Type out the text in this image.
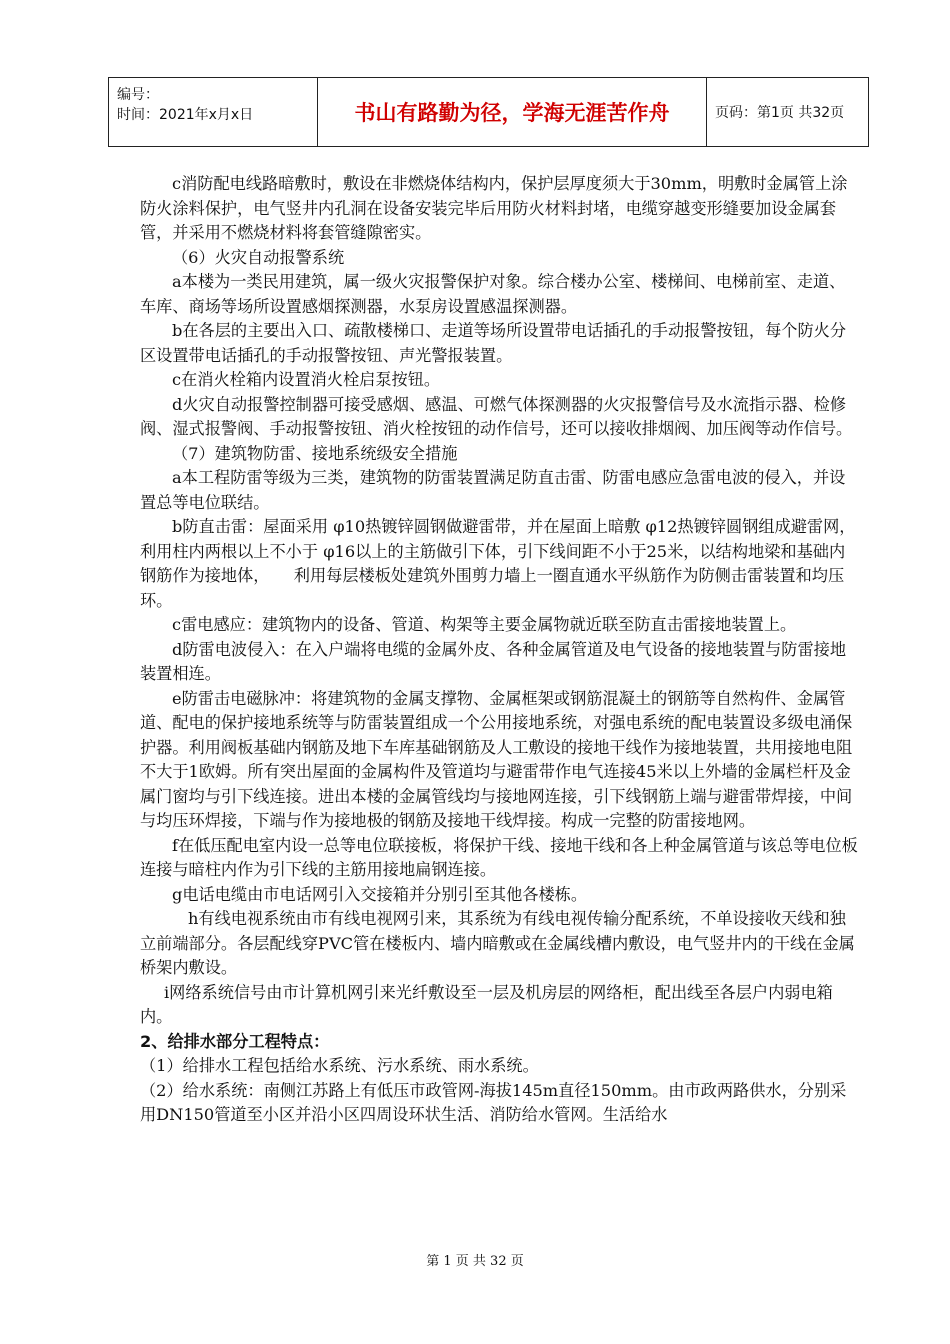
编号：
时间：2021年x月x日	书山有路勤为径，学海无涯苦作舟	页码：第1页 共32页

c消防配电线路暗敷时，敷设在非燃烧体结构内，保护层厚度须大于30mm，明敷时金属管上涂防火涂料保护，电气竖井内孔洞在设备安装完毕后用防火材料封堵，电缆穿越变形缝要加设金属套管，并采用不燃烧材料将套管缝隙密实。

（6）火灾自动报警系统

a本楼为一类民用建筑，属一级火灾报警保护对象。综合楼办公室、楼梯间、电梯前室、走道、车库、商场等场所设置感烟探测器，水泵房设置感温探测器。

b在各层的主要出入口、疏散楼梯口、走道等场所设置带电话插孔的手动报警按钮，每个防火分区设置带电话插孔的手动报警按钮、声光警报装置。

c在消火栓箱内设置消火栓启泵按钮。

d火灾自动报警控制器可接受感烟、感温、可燃气体探测器的火灾报警信号及水流指示器、检修阀、湿式报警阀、手动报警按钮、消火栓按钮的动作信号，还可以接收排烟阀、加压阀等动作信号。

（7）建筑物防雷、接地系统级安全措施

a本工程防雷等级为三类，建筑物的防雷装置满足防直击雷、防雷电感应急雷电波的侵入，并设置总等电位联结。

b防直击雷：屋面采用 φ10热镀锌圆钢做避雷带，并在屋面上暗敷 φ12热镀锌圆钢组成避雷网，利用柱内两根以上不小于 φ16以上的主筋做引下体，引下线间距不小于25米，以结构地梁和基础内钢筋作为接地体，　　利用每层楼板处建筑外围剪力墙上一圈直通水平纵筋作为防侧击雷装置和均压环。

c雷电感应：建筑物内的设备、管道、构架等主要金属物就近联至防直击雷接地装置上。

d防雷电波侵入：在入户端将电缆的金属外皮、各种金属管道及电气设备的接地装置与防雷接地装置相连。

e防雷击电磁脉冲：将建筑物的金属支撑物、金属框架或钢筋混凝土的钢筋等自然构件、金属管道、配电的保护接地系统等与防雷装置组成一个公用接地系统，对强电系统的配电装置设多级电涌保护器。利用阀板基础内钢筋及地下车库基础钢筋及人工敷设的接地干线作为接地装置，共用接地电阻不大于1欧姆。所有突出屋面的金属构件及管道均与避雷带作电气连接45米以上外墙的金属栏杆及金属门窗均与引下线连接。进出本楼的金属管线均与接地网连接，引下线钢筋上端与避雷带焊接，中间与均压环焊接，下端与作为接地极的钢筋及接地干线焊接。构成一完整的防雷接地网。

f在低压配电室内设一总等电位联接板，将保护干线、接地干线和各上种金属管道与该总等电位板连接与暗柱内作为引下线的主筋用接地扁钢连接。

g电话电缆由市电话网引入交接箱并分别引至其他各楼栋。

h有线电视系统由市有线电视网引来，其系统为有线电视传输分配系统，不单设接收天线和独立前端部分。各层配线穿PVC管在楼板内、墙内暗敷或在金属线槽内敷设，电气竖井内的干线在金属桥架内敷设。

i网络系统信号由市计算机网引来光纤敷设至一层及机房层的网络柜，配出线至各层户内弱电箱内。

2、给排水部分工程特点：

（1）给排水工程包括给水系统、污水系统、雨水系统。

（2）给水系统：南侧江苏路上有低压市政管网-海拔145m直径150mm。由市政两路供水，分别采用DN150管道至小区并沿小区四周设环状生活、消防给水管网。生活给水

第 1 页 共 32 页
